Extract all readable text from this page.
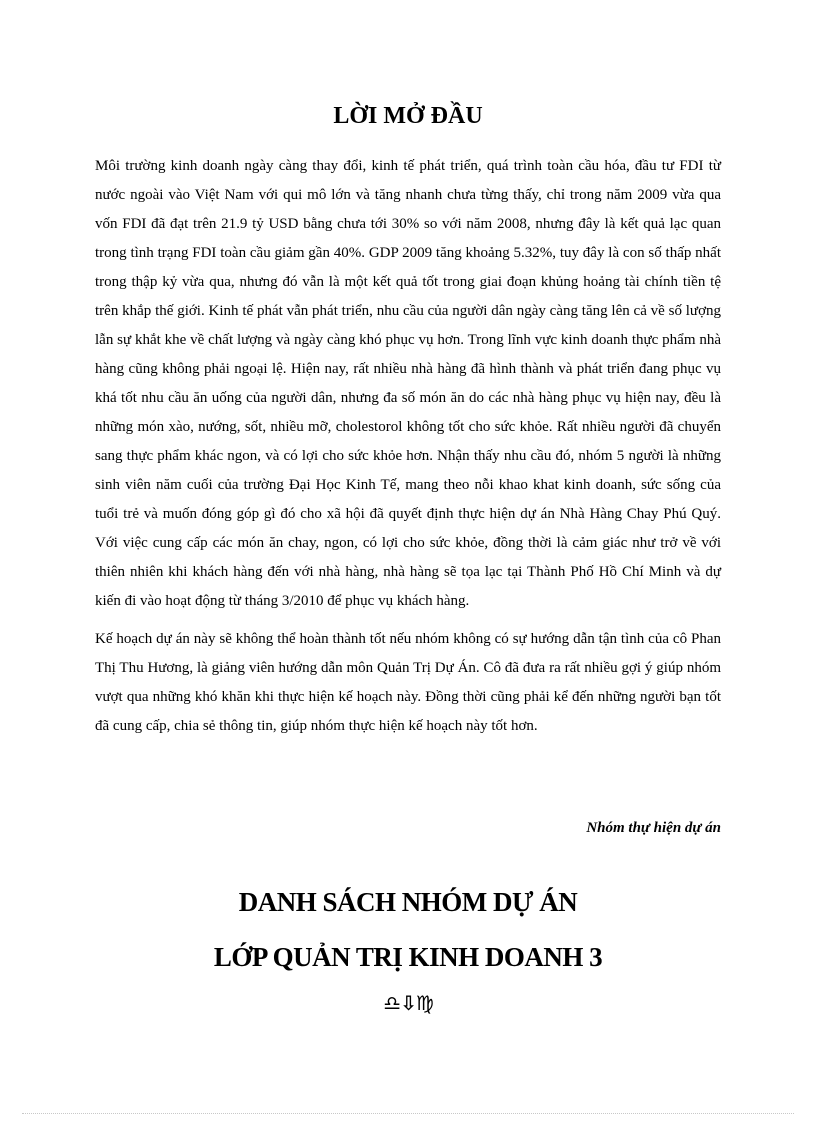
LỜI MỞ ĐẦU

Môi trường kinh doanh ngày càng thay đổi, kinh tế phát triển, quá trình toàn cầu hóa, đầu tư FDI từ nước ngoài vào Việt Nam với qui mô lớn và tăng nhanh chưa từng thấy, chỉ trong năm 2009 vừa qua vốn FDI đã đạt trên 21.9 tỷ USD bằng chưa tới 30% so với năm 2008, nhưng đây là kết quả lạc quan trong tình trạng FDI toàn cầu giảm gần 40%. GDP 2009 tăng khoảng 5.32%, tuy đây là con số thấp nhất trong thập kỷ vừa qua, nhưng đó vẫn là một kết quả tốt trong giai đoạn khủng hoảng tài chính tiền tệ trên khắp thế giới. Kinh tế phát vẫn phát triển, nhu cầu của người dân ngày càng tăng lên cả về số lượng lẫn sự khắt khe về chất lượng và ngày càng khó phục vụ hơn. Trong lĩnh vực kinh doanh thực phẩm nhà hàng cũng không phải ngoại lệ. Hiện nay, rất nhiều nhà hàng đã hình thành và phát triển đang phục vụ khá tốt nhu cầu ăn uống của người dân, nhưng đa số món ăn do các nhà hàng phục vụ hiện nay, đều là những món xào, nướng, sốt, nhiều mỡ, cholestorol không tốt cho sức khỏe. Rất nhiều người đã chuyển sang thực phẩm khác ngon, và có lợi cho sức khỏe hơn. Nhận thấy nhu cầu đó, nhóm 5 người là những sinh viên năm cuối của trường Đại Học Kinh Tế, mang theo nỗi khao khat kinh doanh, sức sống của tuổi trẻ và muốn đóng góp gì đó cho xã hội đã quyết định thực hiện dự án Nhà Hàng Chay Phú Quý. Với việc cung cấp các món ăn chay, ngon, có lợi cho sức khỏe, đồng thời là cảm giác như trở về với thiên nhiên khi khách hàng đến với nhà hàng, nhà hàng sẽ tọa lạc tại Thành Phố Hồ Chí Minh và dự kiến đi vào hoạt động từ tháng 3/2010 để phục vụ khách hàng.

Kế hoạch dự án này sẽ không thể hoàn thành tốt nếu nhóm không có sự hướng dẫn tận tình của cô Phan Thị Thu Hương, là giảng viên hướng dẫn môn Quản Trị Dự Án. Cô đã đưa ra rất nhiều gợi ý giúp nhóm vượt qua những khó khăn khi thực hiện kế hoạch này. Đồng thời cũng phải kể đến những người bạn tốt đã cung cấp, chia sẻ thông tin, giúp nhóm thực hiện kế hoạch này tốt hơn.

Nhóm thự hiện dự án

DANH SÁCH NHÓM DỰ ÁN
LỚP QUẢN TRỊ KINH DOANH 3
♎⇩♍
